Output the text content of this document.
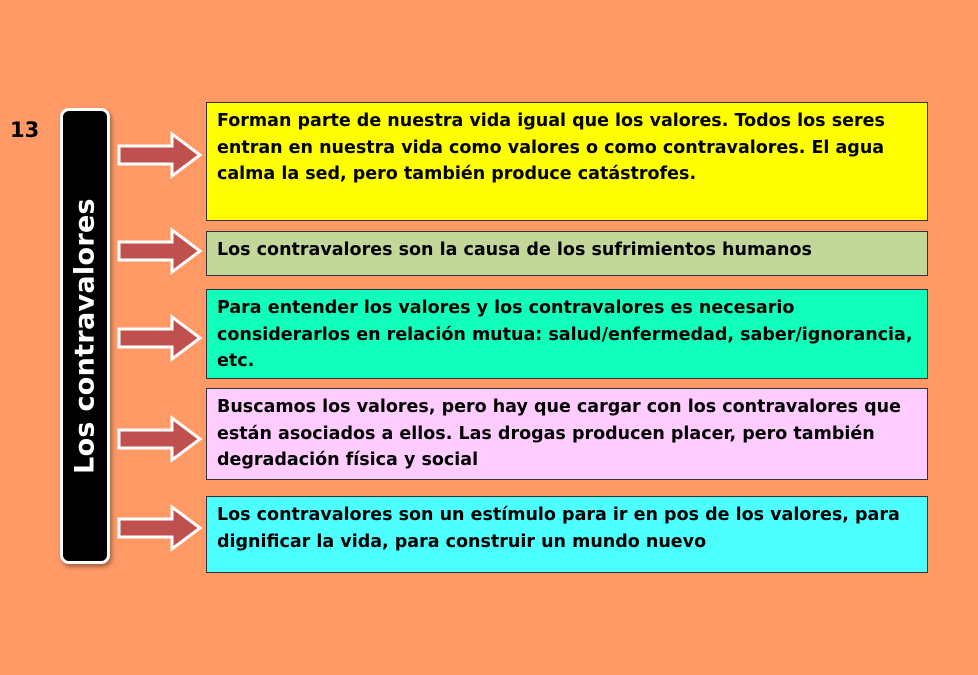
13
Los contravalores
Forman parte de nuestra vida igual que los valores. Todos los seres entran en nuestra vida como valores o como contravalores. El agua calma la sed, pero también produce catástrofes.
Los contravalores son la causa de los sufrimientos humanos
Para entender los valores y los contravalores es necesario considerarlos en relación mutua: salud/enfermedad, saber/ignorancia, etc.
Buscamos los valores, pero hay que cargar con los contravalores que están asociados a ellos. Las drogas producen placer, pero también degradación física y social
Los contravalores son un estímulo para ir en pos de los valores, para dignificar la vida, para construir un mundo nuevo
